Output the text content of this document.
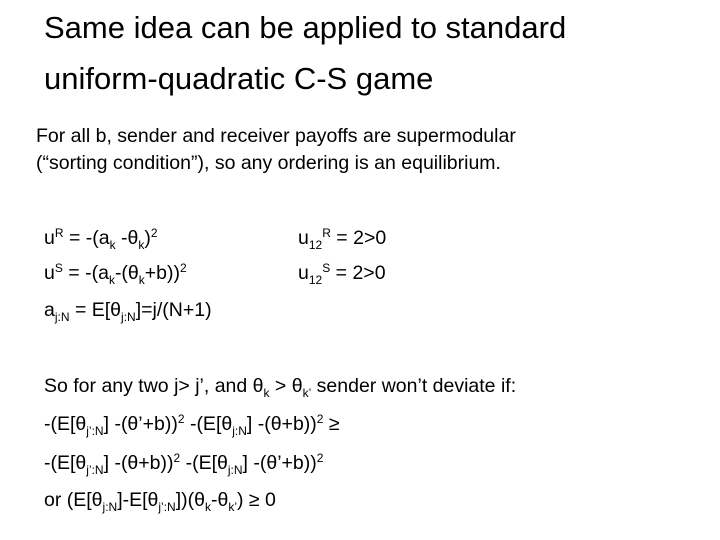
Same idea can be applied to standard
uniform-quadratic C-S game
For all b, sender and receiver payoffs are supermodular
(“sorting condition”), so any ordering is an equilibrium.
$u^R = -(a_k$ $-\theta_k)^2$	$u_{12}^R = 2>0$
$u^S = -(a_k-(\theta_k+b))^2$	$u_{12}^S = 2>0$
$a_{j:N} = E[\theta_{j:N}]=j/(N+1)$
So for any two j> j’, and $\theta_k > \theta_{k’}$ sender won’t deviate if:
$-(E[\theta_{j’:N}]$ -(θ’+b))$^2$ $-(E[\theta_{j:N}] -(\theta+b))^2$ ≥
$-(E[\theta_{j’:N}]$ -(θ+b))$^2$ $-(E[\theta_{j:N}]$ -(θ’+b))$^2$
or $(E[\theta_{j:N}]-E[\theta_{j’:N}])(\theta_k-\theta_{k’}) \ge 0$
